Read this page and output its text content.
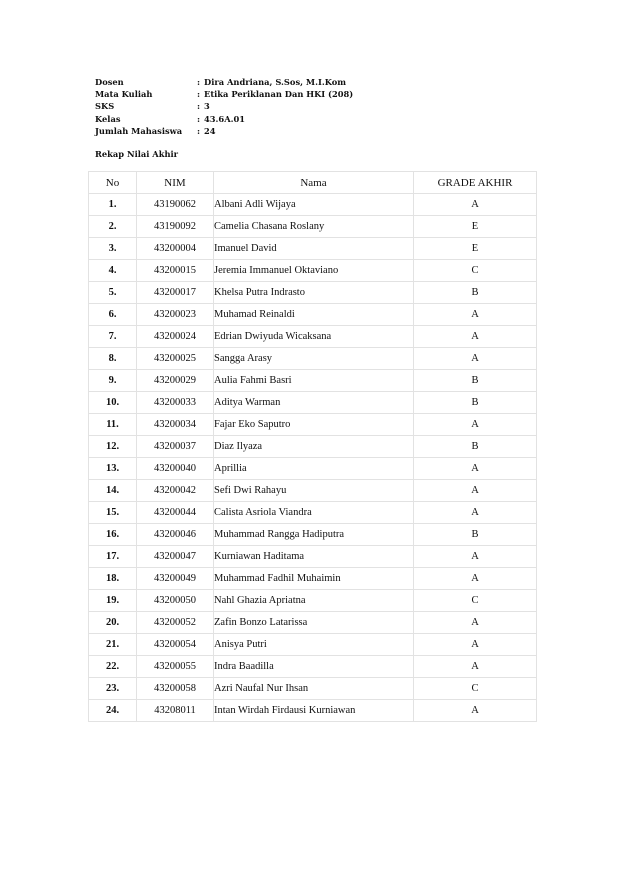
Dosen	: Dira Andriana, S.Sos, M.I.Kom
Mata Kuliah	: Etika Periklanan Dan HKI (208)
SKS	: 3
Kelas	: 43.6A.01
Jumlah Mahasiswa	: 24
Rekap Nilai Akhir
No	NIM	Nama	GRADE AKHIR
1.	43190062	Albani Adli Wijaya	A
2.	43190092	Camelia Chasana Roslany	E
3.	43200004	Imanuel David	E
4.	43200015	Jeremia Immanuel Oktaviano	C
5.	43200017	Khelsa Putra Indrasto	B
6.	43200023	Muhamad Reinaldi	A
7.	43200024	Edrian Dwiyuda Wicaksana	A
8.	43200025	Sangga Arasy	A
9.	43200029	Aulia Fahmi Basri	B
10.	43200033	Aditya Warman	B
11.	43200034	Fajar Eko Saputro	A
12.	43200037	Diaz Ilyaza	B
13.	43200040	Aprillia	A
14.	43200042	Sefi Dwi Rahayu	A
15.	43200044	Calista Asriola Viandra	A
16.	43200046	Muhammad Rangga Hadiputra	B
17.	43200047	Kurniawan Haditama	A
18.	43200049	Muhammad Fadhil Muhaimin	A
19.	43200050	Nahl Ghazia Apriatna	C
20.	43200052	Zafin Bonzo Latarissa	A
21.	43200054	Anisya Putri	A
22.	43200055	Indra Baadilla	A
23.	43200058	Azri Naufal Nur Ihsan	C
24.	43208011	Intan Wirdah Firdausi Kurniawan	A
